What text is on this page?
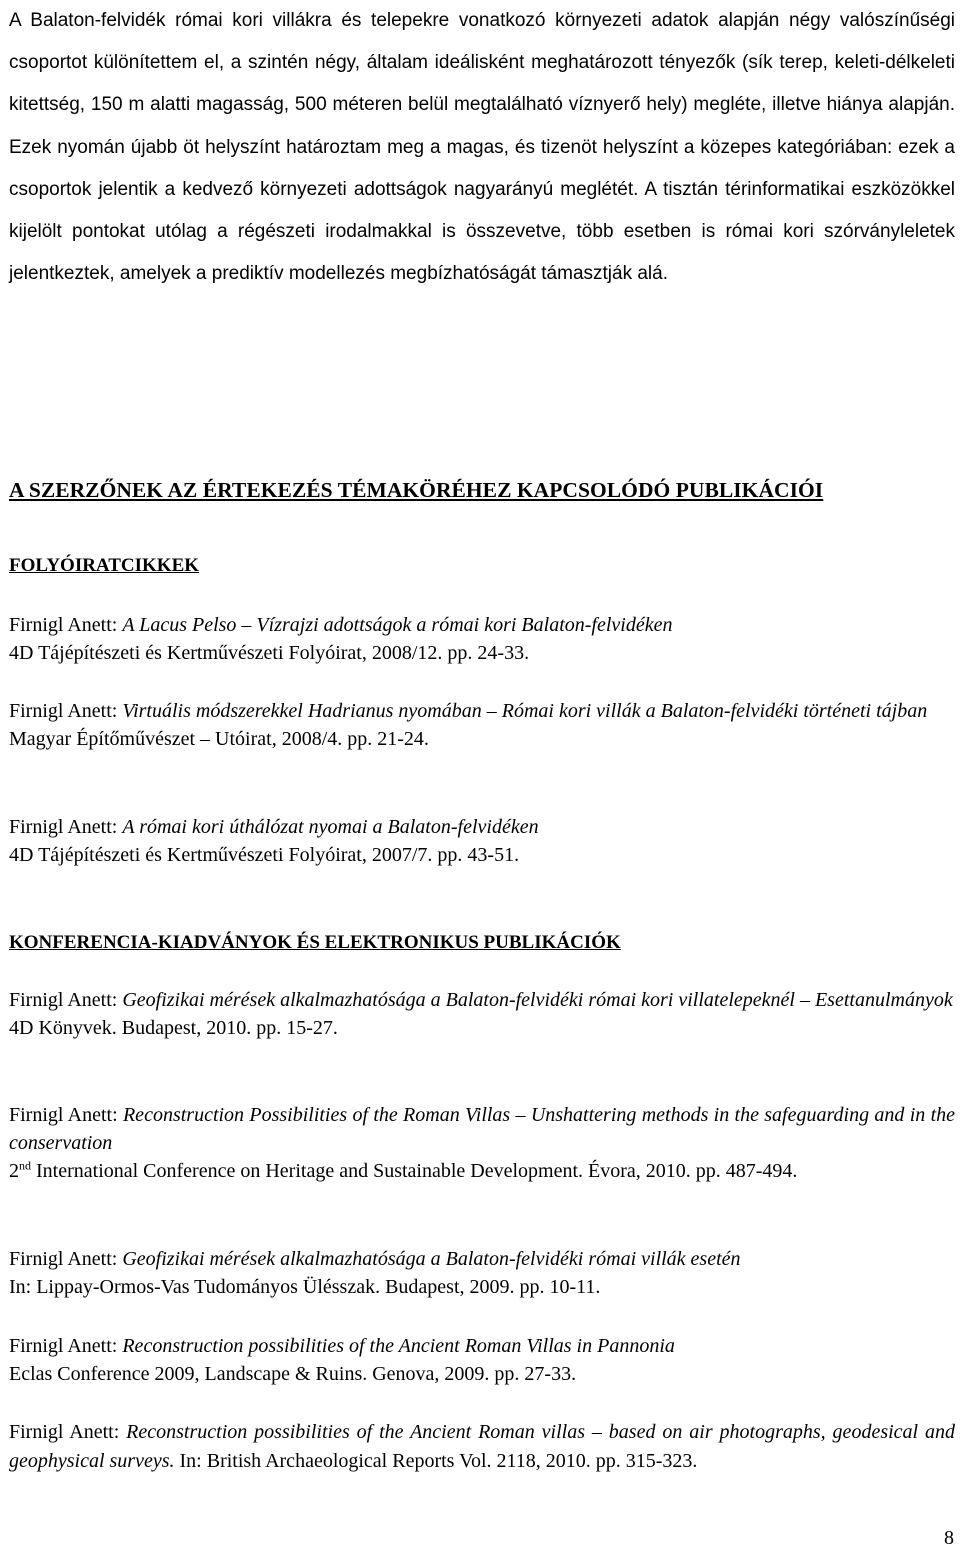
A Balaton-felvidék római kori villákra és telepekre vonatkozó környezeti adatok alapján négy valószínűségi csoportot különítettem el, a szintén négy, általam ideálisként meghatározott tényezők (sík terep, keleti-délkeleti kitettség, 150 m alatti magasság, 500 méteren belül megtalálható víznyerő hely) megléte, illetve hiánya alapján. Ezek nyomán újabb öt helyszínt határoztam meg a magas, és tizenöt helyszínt a közepes kategóriában: ezek a csoportok jelentik a kedvező környezeti adottságok nagyarányú meglétét. A tisztán térinformatikai eszközökkel kijelölt pontokat utólag a régészeti irodalmakkal is összevetve, több esetben is római kori szórványleletek jelentkeztek, amelyek a prediktív modellezés megbízhatóságát támasztják alá.

A SZERZŐNEK AZ ÉRTEKEZÉS TÉMAKÖRÉHEZ KAPCSOLÓDÓ PUBLIKÁCIÓI
FOLYÓIRATCIKKEK

Firnigl Anett: A Lacus Pelso – Vízrajzi adottságok a római kori Balaton-felvidéken
4D Tájépítészeti és Kertművészeti Folyóirat, 2008/12. pp. 24-33.

Firnigl Anett: Virtuális módszerekkel Hadrianus nyomában – Római kori villák a Balaton-felvidéki történeti tájban
Magyar Építőművészet – Utóirat, 2008/4. pp. 21-24.

Firnigl Anett: A római kori úthálózat nyomai a Balaton-felvidéken
4D Tájépítészeti és Kertművészeti Folyóirat, 2007/7. pp. 43-51.

KONFERENCIA-KIADVÁNYOK ÉS ELEKTRONIKUS PUBLIKÁCIÓK

Firnigl Anett: Geofizikai mérések alkalmazhatósága a Balaton-felvidéki római kori villatelepeknél – Esettanulmányok
4D Könyvek. Budapest, 2010. pp. 15-27.

Firnigl Anett: Reconstruction Possibilities of the Roman Villas – Unshattering methods in the safeguarding and in the conservation
2nd International Conference on Heritage and Sustainable Development. Évora, 2010. pp. 487-494.

Firnigl Anett: Geofizikai mérések alkalmazhatósága a Balaton-felvidéki római villák esetén
In: Lippay-Ormos-Vas Tudományos Ülésszak. Budapest, 2009. pp. 10-11.

Firnigl Anett: Reconstruction possibilities of the Ancient Roman Villas in Pannonia
Eclas Conference 2009, Landscape & Ruins. Genova, 2009. pp. 27-33.

Firnigl Anett: Reconstruction possibilities of the Ancient Roman villas – based on air photographs, geodesical and geophysical surveys. In: British Archaeological Reports Vol. 2118, 2010. pp. 315-323.

8
